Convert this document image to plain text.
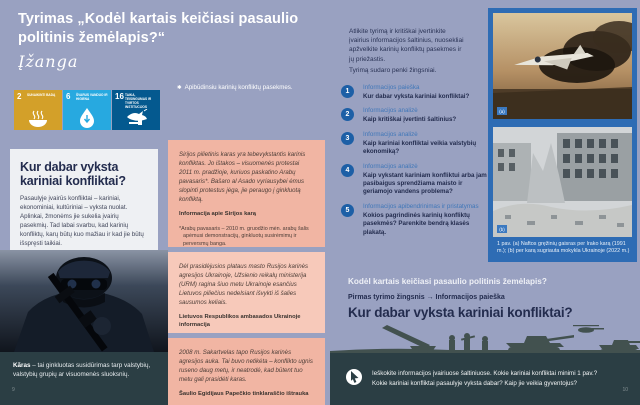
Tyrimas „Kodėl kartais keičiasi pasaulio politinis žemėlapis?“
Įžanga
2 SUNAIKINTI BADĄ	6 ŠVARUS VANDUO IR HIGIENA	16 TAIKA, TEISINGUMAS IR TVIRTOS INSTITUCIJOS
✱ Apibūdinsiu karinių konfliktų pasekmes.
Kur dabar vyksta kariniai konfliktai?

Pasaulyje įvairūs konfliktai – kariniai, ekonominiai, kultūriniai – vyksta nuolat. Aplinkai, žmonėms jie sukelia įvairių pasekmių. Tad labai svarbu, kad karinių konfliktų, karų būtų kuo mažiau ir kad jie būtų išspręsti taikiai.

Kãras – tai ginkluotas susidūrimas tarp valstybių, valstybių grupių ar visuomenės sluoksnių.
9
Sirijos pilietinis karas yra tebevykstantis karinis konfliktas. Jo ištakos – visuomenės protestai 2011 m. pradžioje, kuriuos paskatino Arabų pavasaris*. Bašaro al Asado vyriausybei ėmus slopinti protestus jėga, jie peraugo į ginkluotą konfliktą.
Informacija apie Sirijos karą
*Arabų pavasaris – 2010 m. gruodžio mėn. arabų šalis apėmusi demonstracijų, ginkluotų susirėmimų ir perversmų banga.
Dėl prasidėjusios plataus masto Rusijos karinės agresijos Ukrainoje, Užsienio reikalų ministerija (URM) ragina šiuo metu Ukrainoje esančius Lietuvos piliečius nedelsiant išvykti iš šalies sausumos keliais.
Lietuvos Respublikos ambasados Ukrainoje informacija
2008 m. Sakartvelas tapo Rusijos karinės agresijos auka. Tai buvo netikėta – konflikto ugnis ruseno daug metų, ir neatrodė, kad būtent tuo metu gali prasidėti karas.
Šaulio Egidijaus Papečkio tinklaraščio ištrauka

Atlikite tyrimą ir kritiškai įvertinkite įvairius informacijos šaltinius, nuosekliai apžvelkite karinių konfliktų pasekmes ir jų priežastis.

Tyrimą sudaro penki žingsniai.

1
Informacijos paieška
Kur dabar vyksta kariniai konfliktai?
2
Informacijos analizė
Kaip kritiškai įvertinti šaltinius?
3
Informacijos analizė
Kaip kariniai konfliktai veikia valstybių ekonomiką?
4
Informacijos analizė
Kaip vykstant kariniam konfliktui arba jam pasibaigus sprendžiama maisto ir geriamojo vandens problema?
5
Informacijos apibendrinimas ir pristatymas
Kokios pagrindinės karinių konfliktų pasekmės? Parenkite bendrą klasės plakatą.
(a)
(b)
1 pav. (a) Naftos gręžinių gaisras per Irako karą (1991 m.); (b) per karą sugriauta mokykla Ukrainoje (2022 m.)
Kodėl kartais keičiasi pasaulio politinis žemėlapis?
Pirmas tyrimo žingsnis → Informacijos paieška
Kur dabar vyksta kariniai konfliktai?
Ieškokite informacijos įvairiuose šaltiniuose. Kokie kariniai konfliktai minimi 1 pav.?
Kokie kariniai konfliktai pasaulyje vyksta dabar? Kaip jie veikia gyventojus?
10
